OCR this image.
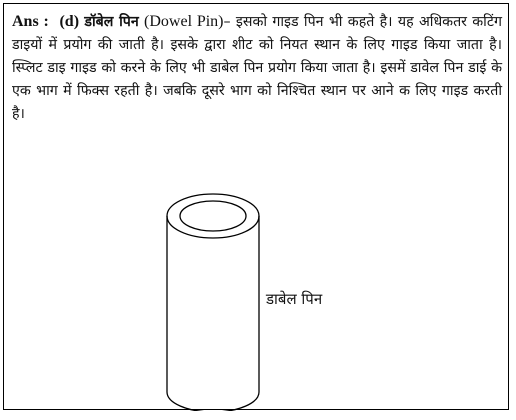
Ans : (d) डॉबेल पिन (Dowel Pin)– इसको गाइड पिन भी कहते है। यह अधिकतर कटिंग डाइयों में प्रयोग की जाती है। इसके द्वारा शीट को नियत स्थान के लिए गाइड किया जाता है। स्प्लिट डाइ गाइड को करने के लिए भी डाबेल पिन प्रयोग किया जाता है। इसमें डावेल पिन डाई के एक भाग में फिक्स रहती है। जबकि दूसरे भाग को निश्चित स्थान पर आने क लिए गाइड करती है।
डाबेल पिन
